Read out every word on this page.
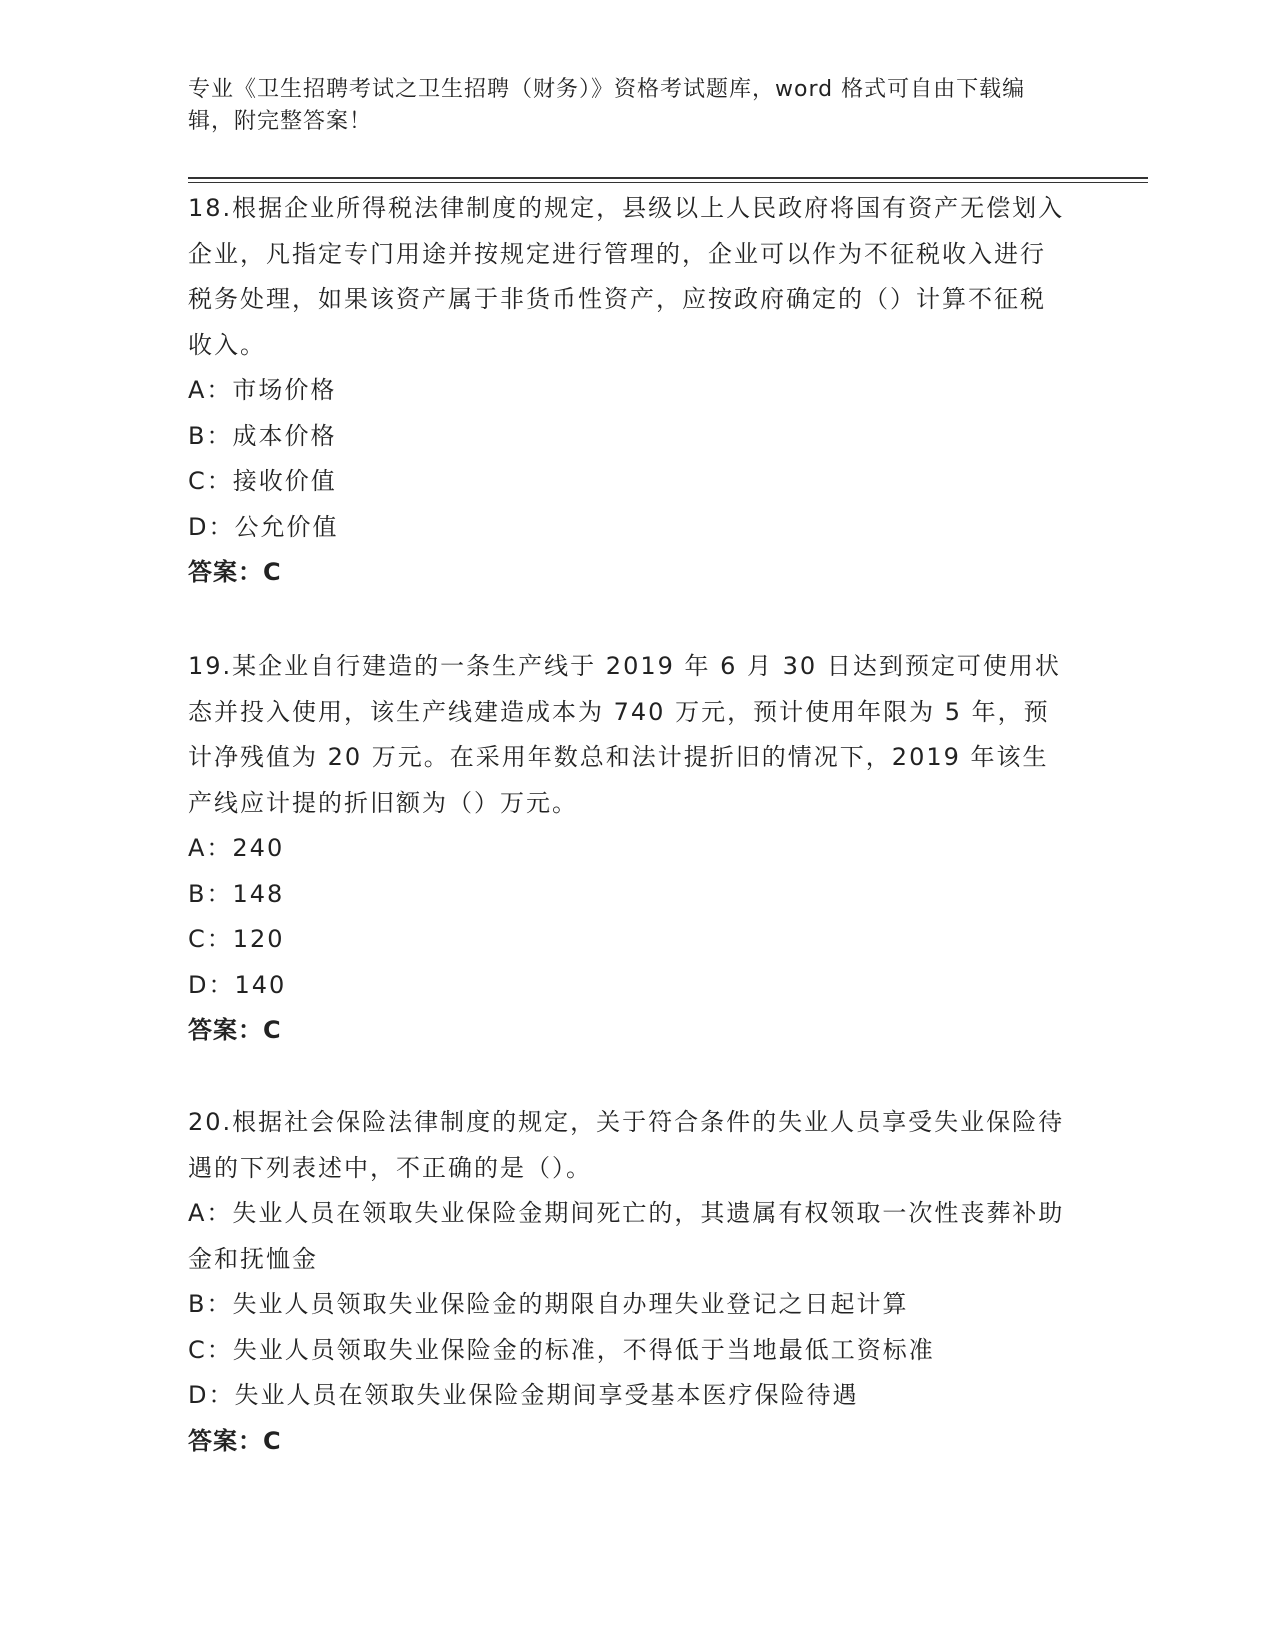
专业《卫生招聘考试之卫生招聘（财务）》资格考试题库，word 格式可自由下载编辑，附完整答案！

18.根据企业所得税法律制度的规定，县级以上人民政府将国有资产无偿划入企业，凡指定专门用途并按规定进行管理的，企业可以作为不征税收入进行税务处理，如果该资产属于非货币性资产，应按政府确定的（）计算不征税收入。

A：市场价格

B：成本价格

C：接收价值

D：公允价值

答案：C

19.某企业自行建造的一条生产线于 2019 年 6 月 30 日达到预定可使用状态并投入使用，该生产线建造成本为 740 万元，预计使用年限为 5 年，预计净残值为 20 万元。在采用年数总和法计提折旧的情况下，2019 年该生产线应计提的折旧额为（）万元。

A：240

B：148

C：120

D：140

答案：C

20.根据社会保险法律制度的规定，关于符合条件的失业人员享受失业保险待遇的下列表述中，不正确的是（）。

A：失业人员在领取失业保险金期间死亡的，其遗属有权领取一次性丧葬补助金和抚恤金

B：失业人员领取失业保险金的期限自办理失业登记之日起计算

C：失业人员领取失业保险金的标准，不得低于当地最低工资标准

D：失业人员在领取失业保险金期间享受基本医疗保险待遇

答案：C
